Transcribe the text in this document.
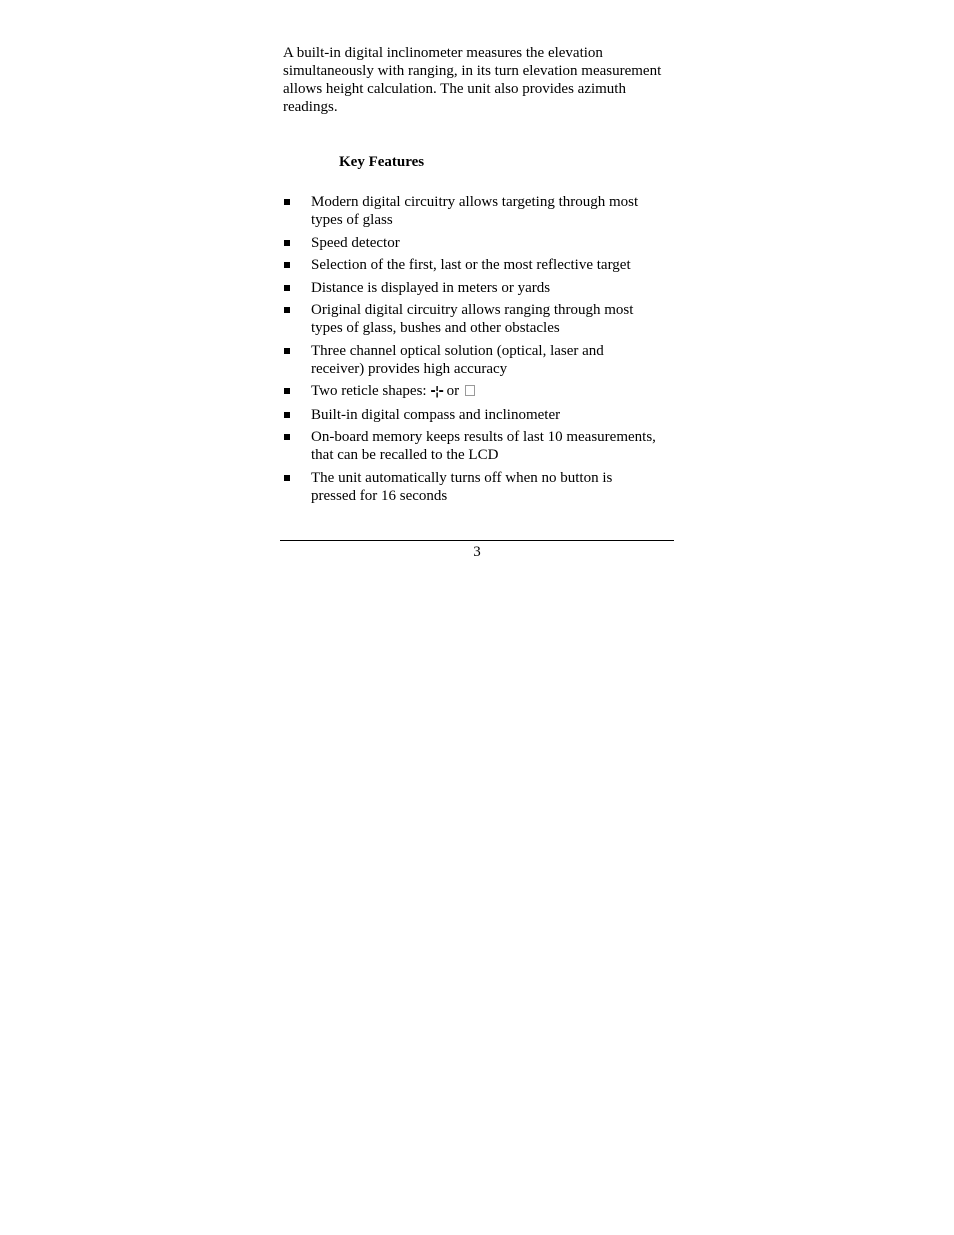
A built-in digital inclinometer measures the elevation simultaneously with ranging, in its turn elevation measurement allows height calculation. The unit also provides azimuth readings.

Key Features

Modern digital circuitry allows targeting through most
types of glass
Speed detector
Selection of the first, last or the most reflective target
Distance is displayed in meters or yards
Original digital circuitry allows ranging through most
types of glass, bushes and other obstacles
Three channel optical solution (optical, laser and
receiver) provides high accuracy
Two reticle shapes: -¦- or
Built-in digital compass and inclinometer
On-board memory keeps results of last 10 measurements,
that can be recalled to the LCD
The unit automatically turns off when no button is
pressed for 16 seconds
3
